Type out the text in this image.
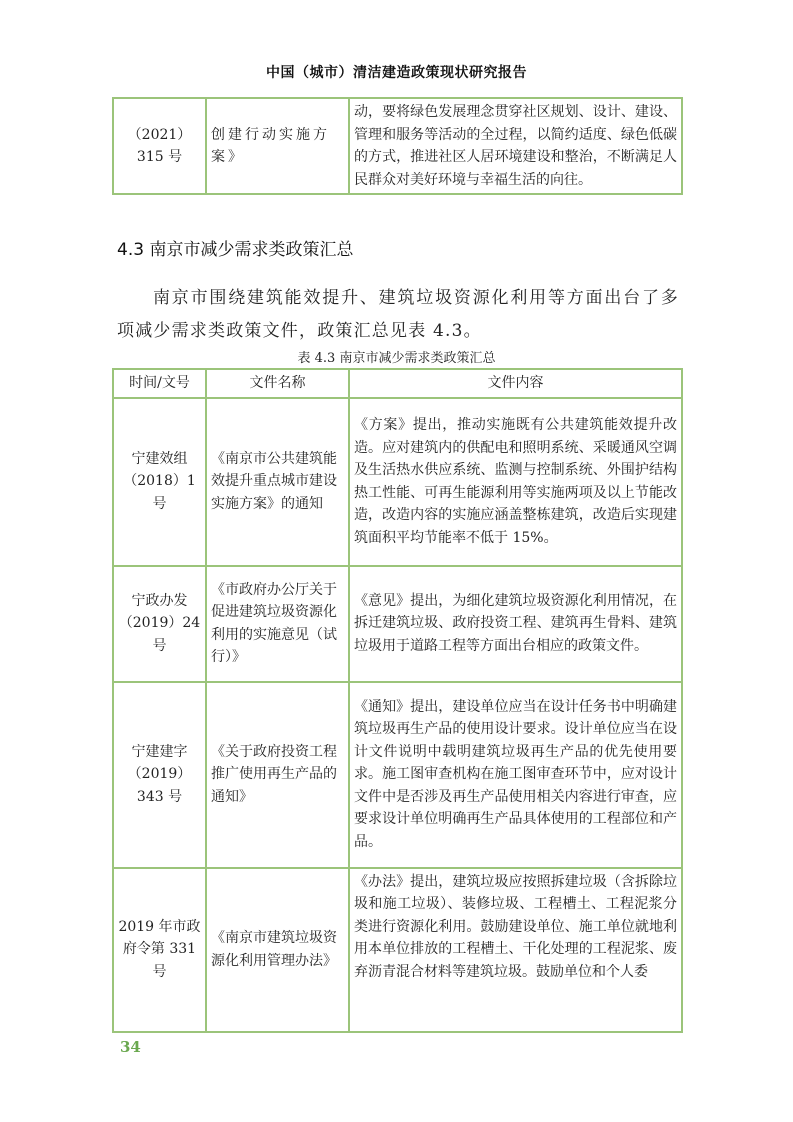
中国（城市）清洁建造政策现状研究报告
（2021）315 号	创建行动实施方案》	动，要将绿色发展理念贯穿社区规划、设计、建设、管理和服务等活动的全过程，以简约适度、绿色低碳的方式，推进社区人居环境建设和整治，不断满足人民群众对美好环境与幸福生活的向往。
4.3 南京市减少需求类政策汇总

南京市围绕建筑能效提升、建筑垃圾资源化利用等方面出台了多项减少需求类政策文件，政策汇总见表 4.3。

表 4.3 南京市减少需求类政策汇总
时间/文号	文件名称	文件内容
宁建效组（2018）1号	《南京市公共建筑能效提升重点城市建设实施方案》的通知	《方案》提出，推动实施既有公共建筑能效提升改造。应对建筑内的供配电和照明系统、采暖通风空调及生活热水供应系统、监测与控制系统、外围护结构热工性能、可再生能源利用等实施两项及以上节能改造，改造内容的实施应涵盖整栋建筑，改造后实现建筑面积平均节能率不低于 15%。
宁政办发（2019）24 号	《市政府办公厅关于促进建筑垃圾资源化利用的实施意见（试行）》	《意见》提出，为细化建筑垃圾资源化利用情况，在拆迁建筑垃圾、政府投资工程、建筑再生骨料、建筑垃圾用于道路工程等方面出台相应的政策文件。
宁建建字（2019）343 号	《关于政府投资工程推广使用再生产品的通知》	《通知》提出，建设单位应当在设计任务书中明确建筑垃圾再生产品的使用设计要求。设计单位应当在设计文件说明中载明建筑垃圾再生产品的优先使用要求。施工图审查机构在施工图审查环节中，应对设计文件中是否涉及再生产品使用相关内容进行审查，应要求设计单位明确再生产品具体使用的工程部位和产品。
2019 年市政府令第 331 号	《南京市建筑垃圾资源化利用管理办法》	《办法》提出，建筑垃圾应按照拆建垃圾（含拆除垃圾和施工垃圾）、装修垃圾、工程槽土、工程泥浆分类进行资源化利用。鼓励建设单位、施工单位就地利用本单位排放的工程槽土、干化处理的工程泥浆、废弃沥青混合材料等建筑垃圾。鼓励单位和个人委
34
